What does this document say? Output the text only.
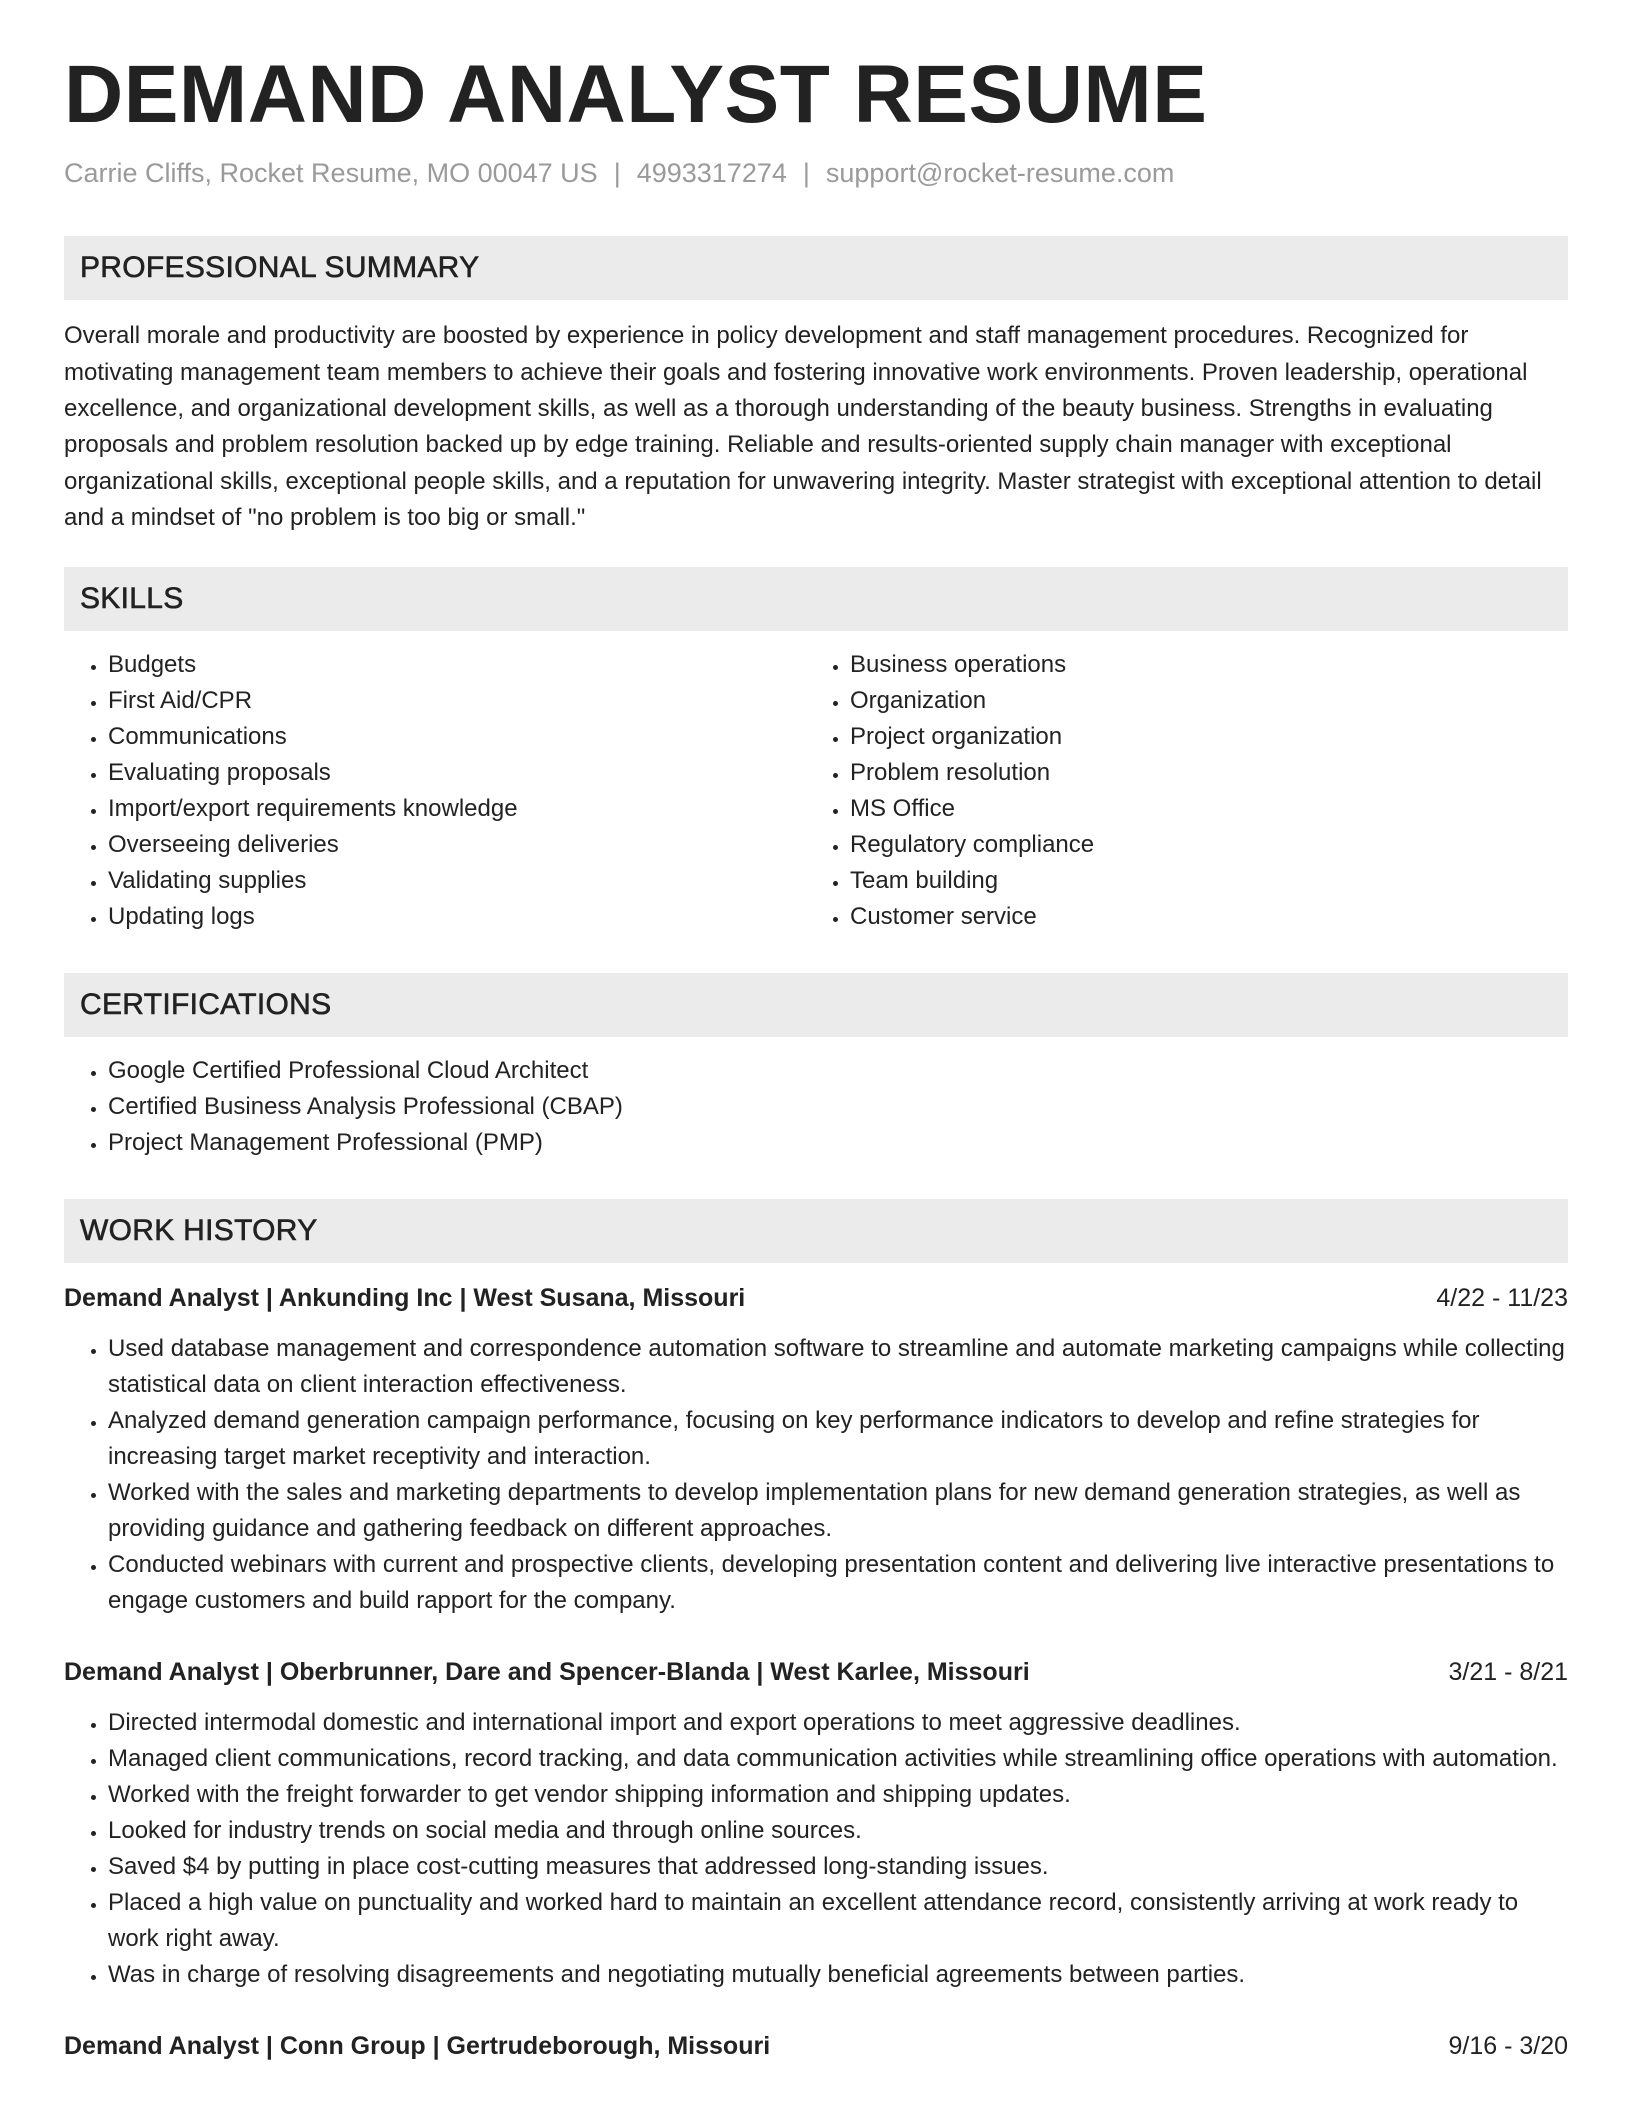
DEMAND ANALYST RESUME
Carrie Cliffs, Rocket Resume, MO 00047 US | 4993317274 | support@rocket-resume.com
PROFESSIONAL SUMMARY

Overall morale and productivity are boosted by experience in policy development and staff management procedures. Recognized for motivating management team members to achieve their goals and fostering innovative work environments. Proven leadership, operational excellence, and organizational development skills, as well as a thorough understanding of the beauty business. Strengths in evaluating proposals and problem resolution backed up by edge training. Reliable and results-oriented supply chain manager with exceptional organizational skills, exceptional people skills, and a reputation for unwavering integrity. Master strategist with exceptional attention to detail and a mindset of "no problem is too big or small."

SKILLS
• Budgets
• First Aid/CPR
• Communications
• Evaluating proposals
• Import/export requirements knowledge
• Overseeing deliveries
• Validating supplies
• Updating logs
• Business operations
• Organization
• Project organization
• Problem resolution
• MS Office
• Regulatory compliance
• Team building
• Customer service
CERTIFICATIONS
• Google Certified Professional Cloud Architect
• Certified Business Analysis Professional (CBAP)
• Project Management Professional (PMP)
WORK HISTORY
Demand Analyst | Ankunding Inc | West Susana, Missouri	4/22 - 11/23
• Used database management and correspondence automation software to streamline and automate marketing campaigns while collecting statistical data on client interaction effectiveness.
• Analyzed demand generation campaign performance, focusing on key performance indicators to develop and refine strategies for increasing target market receptivity and interaction.
• Worked with the sales and marketing departments to develop implementation plans for new demand generation strategies, as well as providing guidance and gathering feedback on different approaches.
• Conducted webinars with current and prospective clients, developing presentation content and delivering live interactive presentations to engage customers and build rapport for the company.
Demand Analyst | Oberbrunner, Dare and Spencer-Blanda | West Karlee, Missouri	3/21 - 8/21
• Directed intermodal domestic and international import and export operations to meet aggressive deadlines.
• Managed client communications, record tracking, and data communication activities while streamlining office operations with automation.
• Worked with the freight forwarder to get vendor shipping information and shipping updates.
• Looked for industry trends on social media and through online sources.
• Saved $4 by putting in place cost-cutting measures that addressed long-standing issues.
• Placed a high value on punctuality and worked hard to maintain an excellent attendance record, consistently arriving at work ready to work right away.
• Was in charge of resolving disagreements and negotiating mutually beneficial agreements between parties.
Demand Analyst | Conn Group | Gertrudeborough, Missouri	9/16 - 3/20
